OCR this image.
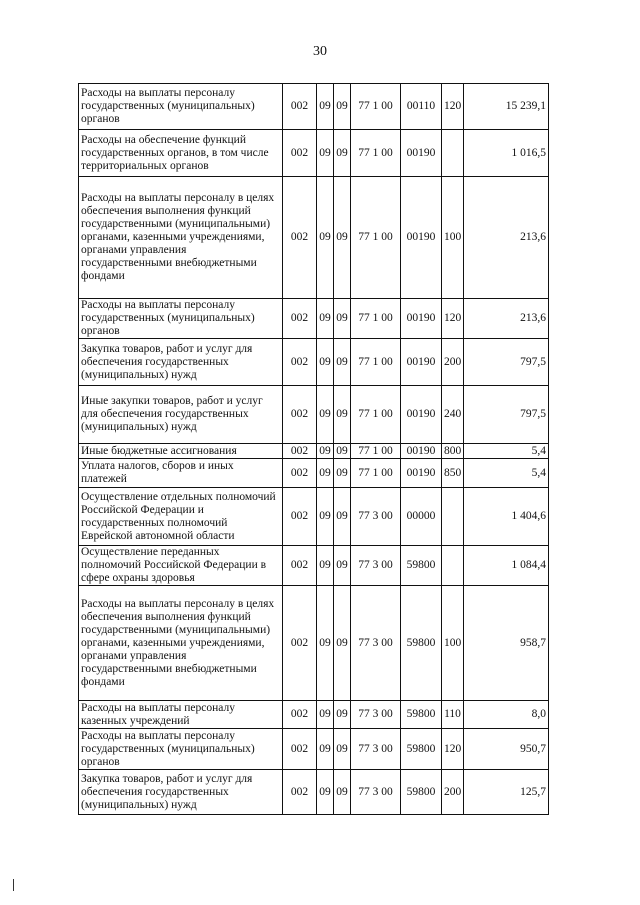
30
Расходы на выплаты персоналу государственных (муниципальных) органов	002	09	09	77 1 00	00110	120	15 239,1
Расходы на обеспечение функций государственных органов, в том числе территориальных органов	002	09	09	77 1 00	00190		1 016,5
Расходы на выплаты персоналу в целях обеспечения выполнения функций государственными (муниципальными) органами, казенными учреждениями, органами управления государственными внебюджетными фондами	002	09	09	77 1 00	00190	100	213,6
Расходы на выплаты персоналу государственных (муниципальных) органов	002	09	09	77 1 00	00190	120	213,6
Закупка товаров, работ и услуг для обеспечения государственных (муниципальных) нужд	002	09	09	77 1 00	00190	200	797,5
Иные закупки товаров, работ и услуг для обеспечения государственных (муниципальных) нужд	002	09	09	77 1 00	00190	240	797,5
Иные бюджетные ассигнования	002	09	09	77 1 00	00190	800	5,4
Уплата налогов, сборов и иных платежей	002	09	09	77 1 00	00190	850	5,4
Осуществление отдельных полномочий Российской Федерации и государственных полномочий Еврейской автономной области	002	09	09	77 3 00	00000		1 404,6
Осуществление переданных полномочий Российской Федерации в сфере охраны здоровья	002	09	09	77 3 00	59800		1 084,4
Расходы на выплаты персоналу в целях обеспечения выполнения функций государственными (муниципальными) органами, казенными учреждениями, органами управления государственными внебюджетными фондами	002	09	09	77 3 00	59800	100	958,7
Расходы на выплаты персоналу казенных учреждений	002	09	09	77 3 00	59800	110	8,0
Расходы на выплаты персоналу государственных (муниципальных) органов	002	09	09	77 3 00	59800	120	950,7
Закупка товаров, работ и услуг для обеспечения государственных (муниципальных) нужд	002	09	09	77 3 00	59800	200	125,7
